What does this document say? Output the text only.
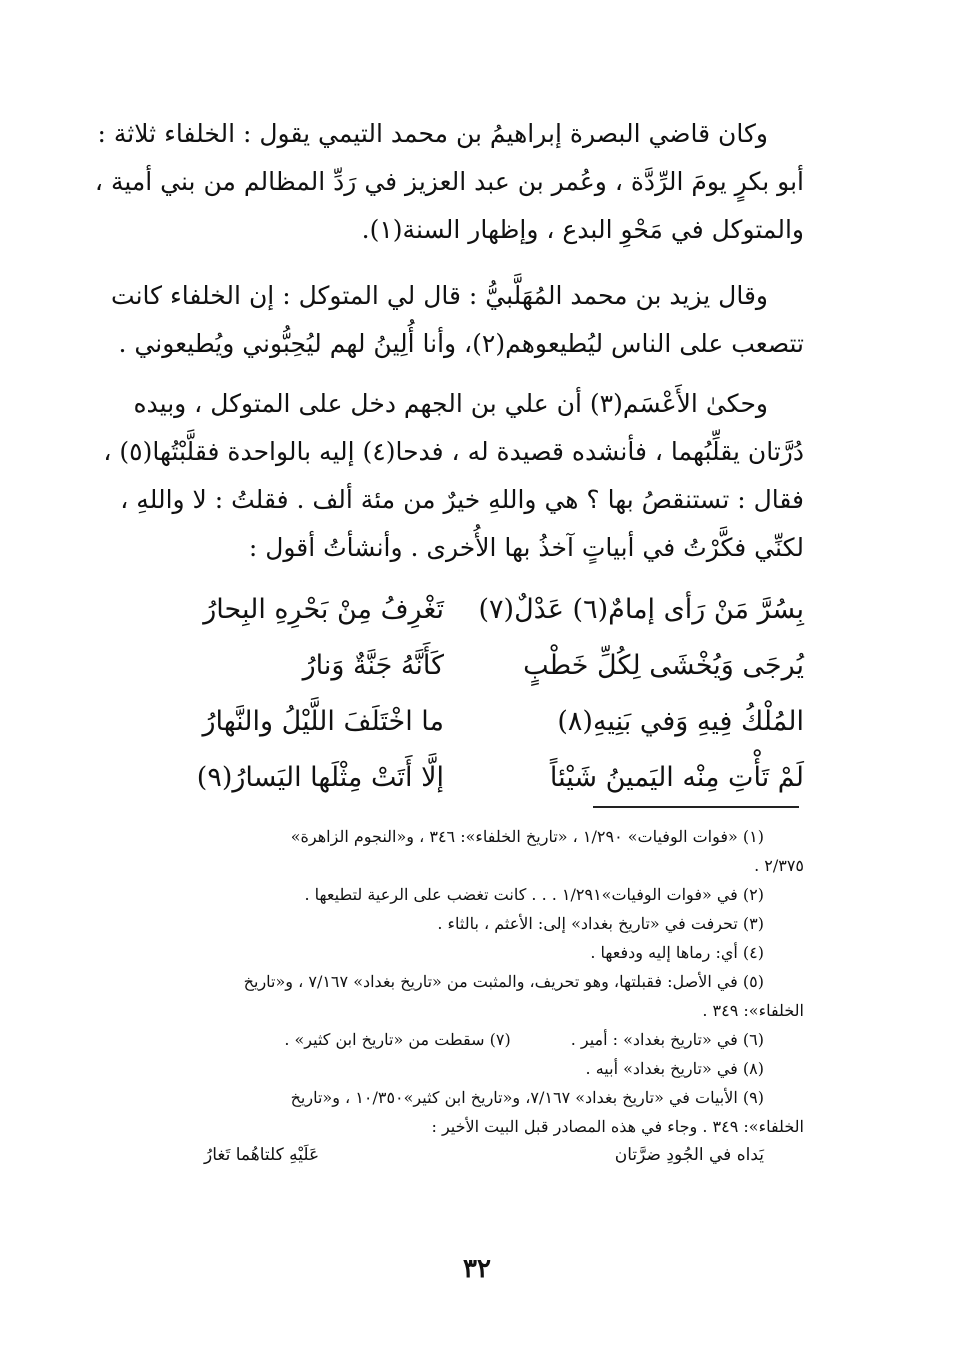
وكان قاضي البصرة إبراهيمُ بن محمد التيمي يقول : الخلفاء ثلاثة :
أبو بكرٍ يومَ الرِّدَّة ، وعُمر بن عبد العزيز في رَدِّ المظالم من بني أمية ،
والمتوكل في مَحْوِ البدع ، وإظهار السنة(١).
وقال يزيد بن محمد المُهَلَّبيُّ : قال لي المتوكل : إن الخلفاء كانت
تتصعب على الناس ليُطيعوهم(٢)، وأنا أُلِينُ لهم ليُحِبُّوني ويُطيعوني .
وحكىٰ الأَعْسَم(٣) أن علي بن الجهم دخل على المتوكل ، وبيده
دُرَّتان يقلِّبُهما ، فأنشده قصيدة له ، فدحا(٤) إليه بالواحدة فقلَّبْتُها(٥) ،
فقال : تستنقصُ بها ؟ هي واللهِ خيرٌ من مئة ألف . فقلتُ : لا واللهِ ،
لكنِّي فكَّرْتُ في أبياتٍ آخذُ بها الأُخرى . وأنشأتُ أقول :
بِسُرَّ مَنْ رَأى إمامٌ(٦) عَدْلٌ(٧)
تَغْرِفُ مِنْ بَحْرِهِ البِحارُ
يُرجَى وَيُخْشَى لِكُلِّ خَطْبٍ
كَأَنَّهُ جَنَّةٌ وَنارُ
المُلْكُ فِيهِ وَفي بَنِيهِ(٨)
ما اخْتَلَفَ اللَّيْلُ والنَّهارُ
لَمْ تَأْتِ مِنْه اليَمينُ شَيْئاً
إلَّا أَتَتْ مِثْلَها اليَسارُ(٩)
(١) «فوات الوفيات» ١/٢٩٠ ، «تاريخ الخلفاء»: ٣٤٦ ، و«النجوم الزاهرة»
٢/٣٧٥ .
(٢) في «فوات الوفيات»١/٢٩١ . . . كانت تغضب على الرعية لتطيعها .
(٣) تحرفت في «تاريخ بغداد» إلى: الأعثم ، بالثاء .
(٤) أي: رماها إليه ودفعها .
(٥) في الأصل: فقبلتها، وهو تحريف، والمثبت من «تاريخ بغداد» ٧/١٦٧ ، و«تاريخ
الخلفاء»: ٣٤٩ .
(٦) في «تاريخ بغداد» : أمير .
(٧) سقطت من «تاريخ ابن كثير» .
(٨) في «تاريخ بغداد» أبيه .
(٩) الأبيات في «تاريخ بغداد» ٧/١٦٧، و«تاريخ ابن كثير»١٠/٣٥٠ ، و«تاريخ
الخلفاء»: ٣٤٩ . وجاء في هذه المصادر قبل البيت الأخير :
يَداه في الجُودِ ضرَّتان
عَلَيْهِ كلتاهُما تَغارُ
٣٢
